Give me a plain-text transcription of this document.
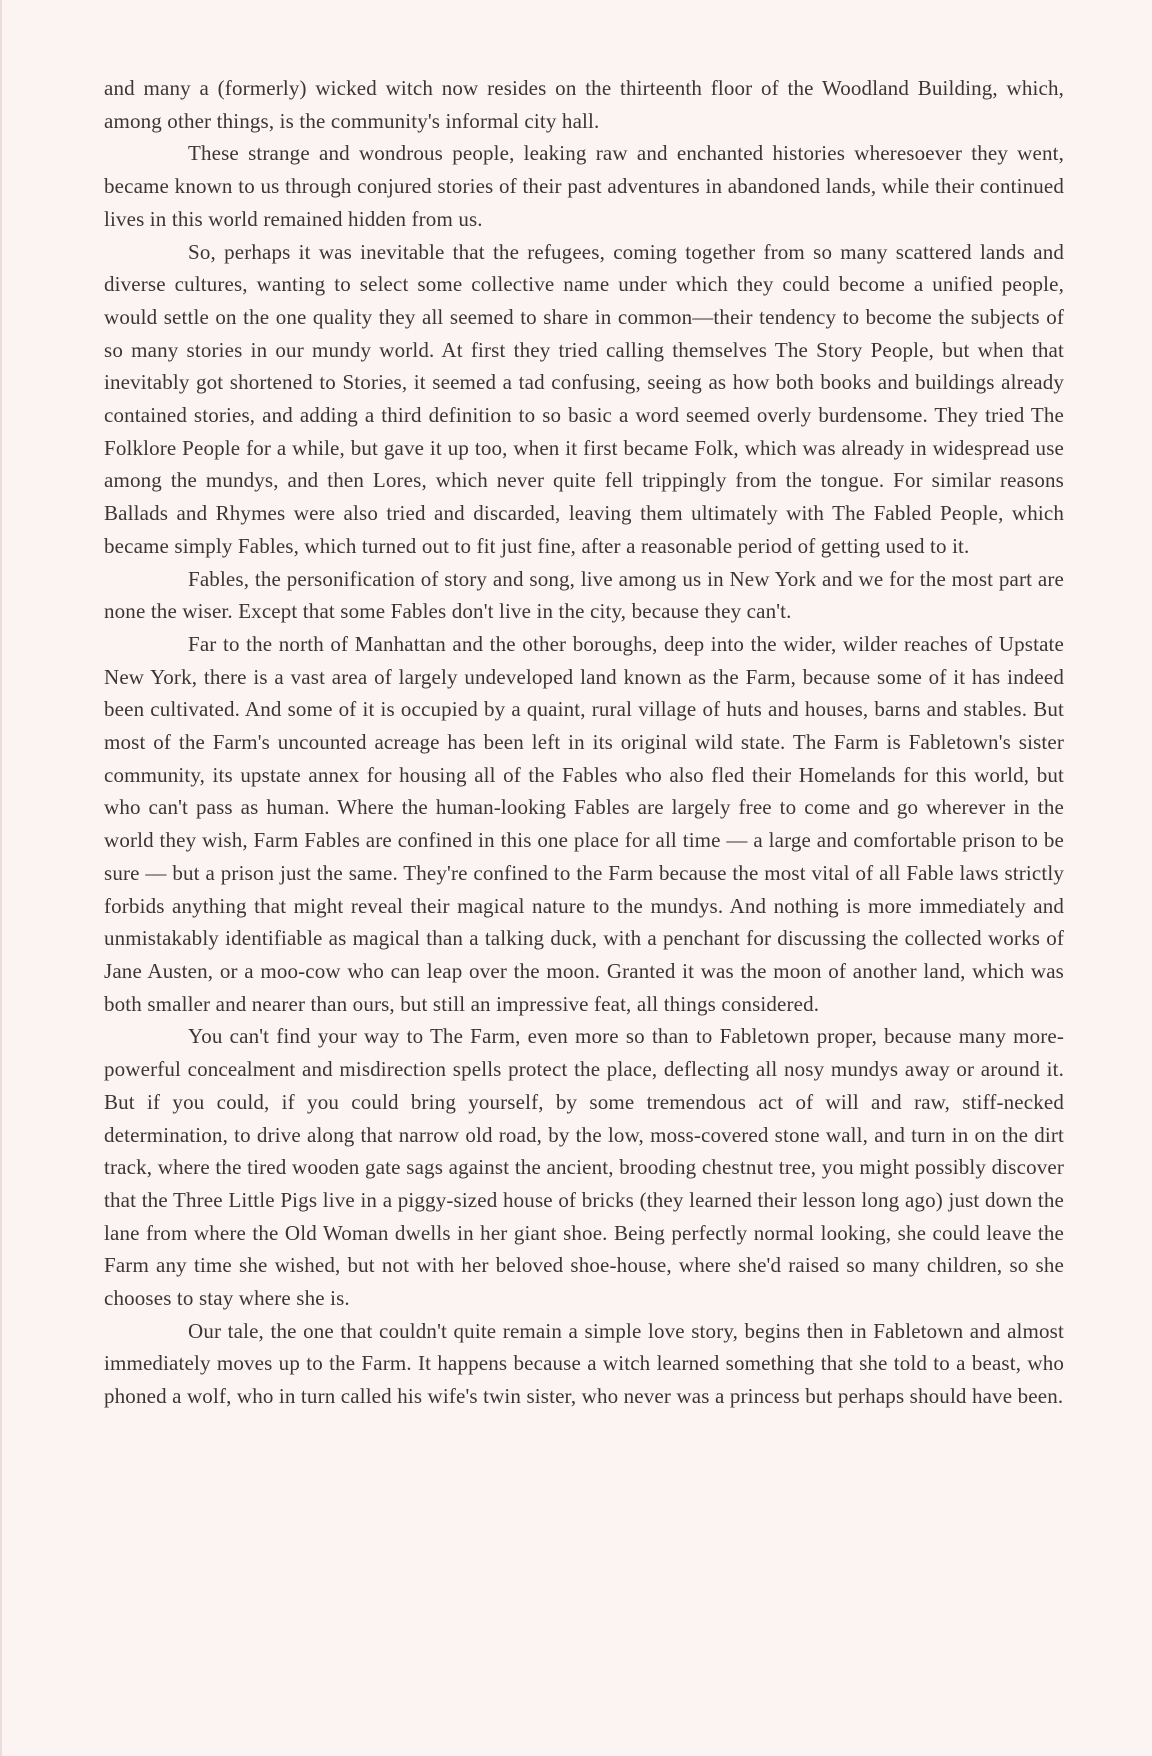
and many a (formerly) wicked witch now resides on the thirteenth floor of the Woodland Building, which, among other things, is the community's informal city hall.

These strange and wondrous people, leaking raw and enchanted histories wheresoever they went, became known to us through conjured stories of their past adventures in abandoned lands, while their continued lives in this world remained hidden from us.

So, perhaps it was inevitable that the refugees, coming together from so many scattered lands and diverse cultures, wanting to select some collective name under which they could become a unified people, would settle on the one quality they all seemed to share in common—their tendency to become the subjects of so many stories in our mundy world. At first they tried calling themselves The Story People, but when that inevitably got shortened to Stories, it seemed a tad confusing, seeing as how both books and buildings already contained stories, and adding a third definition to so basic a word seemed overly burdensome. They tried The Folklore People for a while, but gave it up too, when it first became Folk, which was already in widespread use among the mundys, and then Lores, which never quite fell trippingly from the tongue. For similar reasons Ballads and Rhymes were also tried and discarded, leaving them ultimately with The Fabled People, which became simply Fables, which turned out to fit just fine, after a reasonable period of getting used to it.

Fables, the personification of story and song, live among us in New York and we for the most part are none the wiser. Except that some Fables don't live in the city, because they can't.

Far to the north of Manhattan and the other boroughs, deep into the wider, wilder reaches of Upstate New York, there is a vast area of largely undeveloped land known as the Farm, because some of it has indeed been cultivated. And some of it is occupied by a quaint, rural village of huts and houses, barns and stables. But most of the Farm's uncounted acreage has been left in its original wild state. The Farm is Fabletown's sister community, its upstate annex for housing all of the Fables who also fled their Homelands for this world, but who can't pass as human. Where the human-looking Fables are largely free to come and go wherever in the world they wish, Farm Fables are confined in this one place for all time — a large and comfortable prison to be sure — but a prison just the same. They're confined to the Farm because the most vital of all Fable laws strictly forbids anything that might reveal their magical nature to the mundys. And nothing is more immediately and unmistakably identifiable as magical than a talking duck, with a penchant for discussing the collected works of Jane Austen, or a moo-cow who can leap over the moon. Granted it was the moon of another land, which was both smaller and nearer than ours, but still an impressive feat, all things considered.

You can't find your way to The Farm, even more so than to Fabletown proper, because many more-powerful concealment and misdirection spells protect the place, deflecting all nosy mundys away or around it. But if you could, if you could bring yourself, by some tremendous act of will and raw, stiff-necked determination, to drive along that narrow old road, by the low, moss-covered stone wall, and turn in on the dirt track, where the tired wooden gate sags against the ancient, brooding chestnut tree, you might possibly discover that the Three Little Pigs live in a piggy-sized house of bricks (they learned their lesson long ago) just down the lane from where the Old Woman dwells in her giant shoe. Being perfectly normal looking, she could leave the Farm any time she wished, but not with her beloved shoe-house, where she'd raised so many children, so she chooses to stay where she is.

Our tale, the one that couldn't quite remain a simple love story, begins then in Fabletown and almost immediately moves up to the Farm. It happens because a witch learned something that she told to a beast, who phoned a wolf, who in turn called his wife's twin sister, who never was a princess but perhaps should have been.
